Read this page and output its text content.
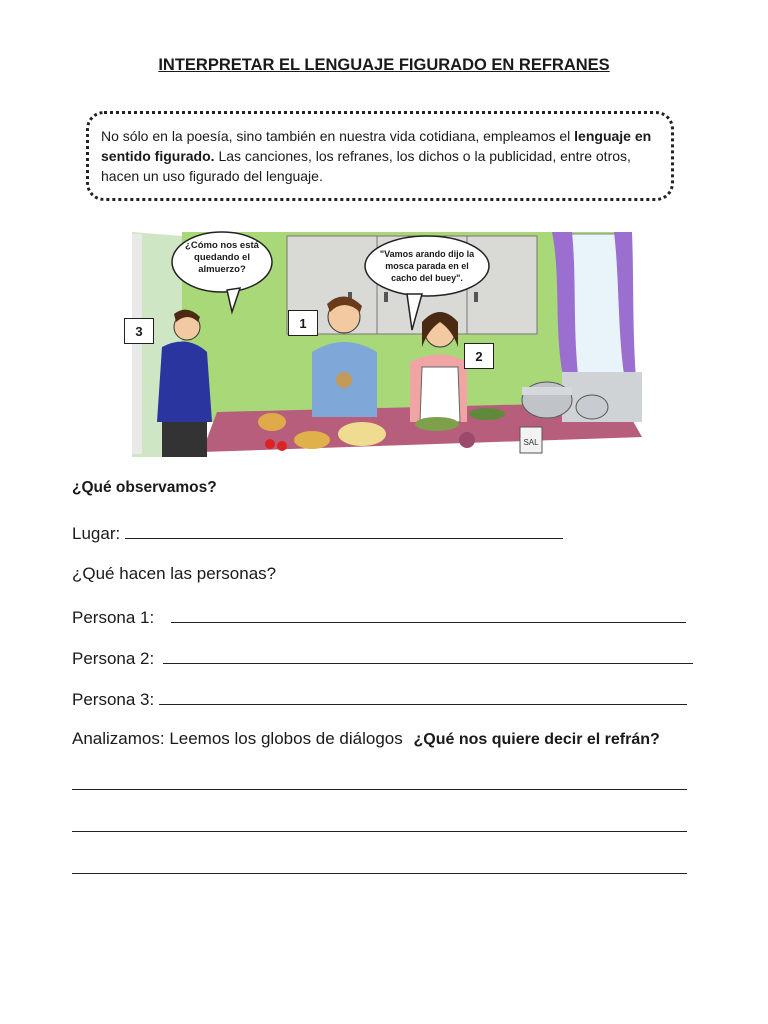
INTERPRETAR EL LENGUAJE FIGURADO EN REFRANES
No sólo en la poesía, sino también en nuestra vida cotidiana, empleamos el lenguaje en sentido figurado. Las canciones, los refranes, los dichos o la publicidad, entre otros, hacen un uso figurado del lenguaje.
SAL
¿Cómo nos está quedando el almuerzo?
"Vamos arando dijo la mosca parada en el cacho del buey".
1
2
3
¿Qué observamos?
Lugar:
¿Qué hacen las personas?
Persona 1:
Persona 2:
Persona 3:
Analizamos: Leemos los globos de diálogos ¿Qué nos quiere decir el refrán?
